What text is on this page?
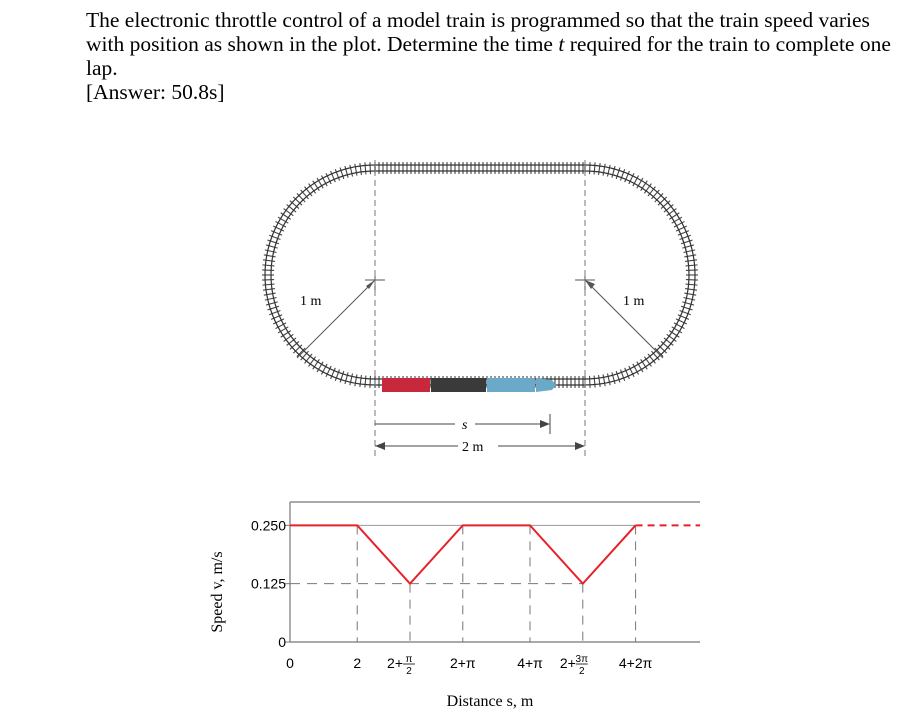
The electronic throttle control of a model train is programmed so that the train speed varies with position as shown in the plot. Determine the time t required for the train to complete one lap.

[Answer: 50.8s]

1 m	1 m
s
2 m
0
0.125
0.250
0	2 2+ π
2
2+π	4+π 2+ 3π
2
4+2π
Distance s, m
Speed v, m/s
